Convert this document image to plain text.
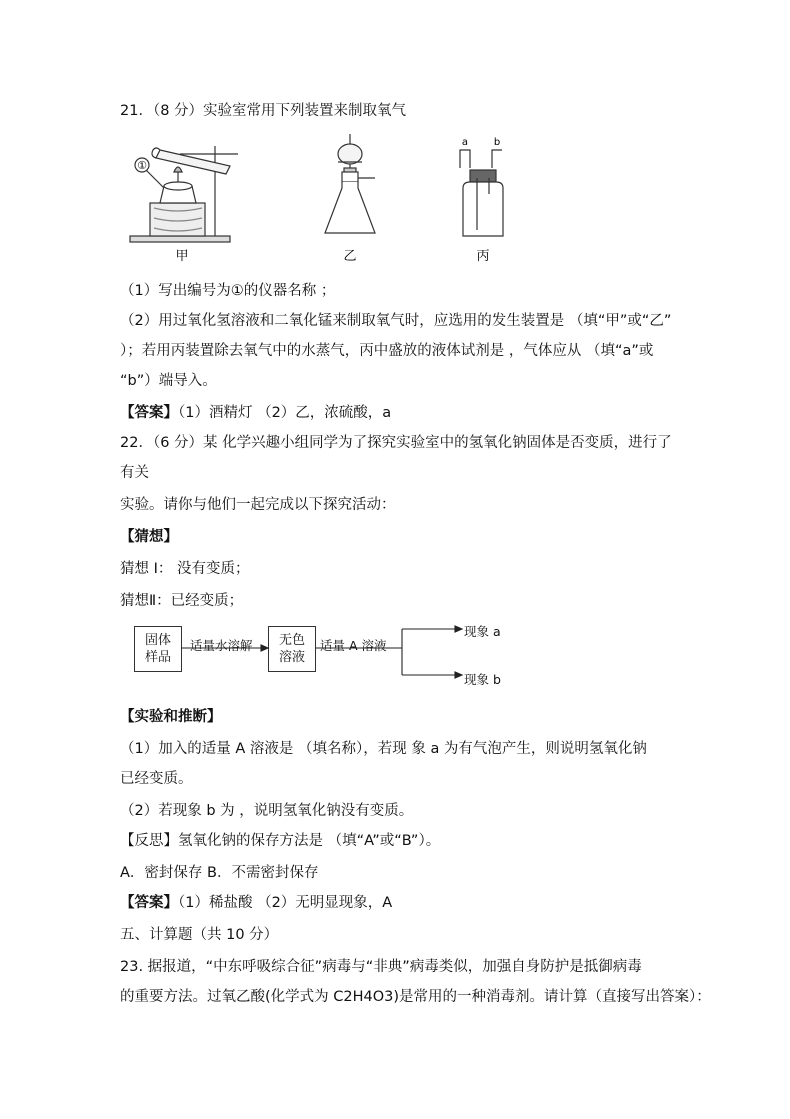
21．（8 分）实验室常用下列装置来制取氧气
①
甲	乙
a	b
丙
（1）写出编号为①的仪器名称 ；
（2）用过氧化氢溶液和二氧化锰来制取氧气时，应选用的发生装置是 （填“甲”或“乙”
）；若用丙装置除去氧气中的水蒸气，丙中盛放的液体试剂是 ，气体应从 （填“a”或
“b”）端导入。
【答案】（1）酒精灯 （2）乙，浓硫酸，a
22．（6 分）某 化学兴趣小组同学为了探究实验室中的氢氧化钠固体是否变质，进行了
有关
实验。请你与他们一起完成以下探究活动：
【猜想】
猜想 Ⅰ： 没有变质；
猜想Ⅱ：已经变质；
固体
样品
适量水溶解 无色
溶液
适量 A 溶液
现象 a
现象 b
【实验和推断】
（1）加入的适量 A 溶液是 （填名称），若现 象 a 为有气泡产生，则说明氢氧化钠
已经变质。
（2）若现象 b 为 ，说明氢氧化钠没有变质。
【反思】氢氧化钠的保存方法是 （填“A”或“B”）。
A．密封保存 B．不需密封保存
【答案】（1）稀盐酸 （2）无明显现象，A
五、计算题（共 10 分）
23. 据报道，“中东呼吸综合征”病毒与“非典”病毒类似，加强自身防护是抵御病毒
的重要方法。过氧乙酸(化学式为 C2H4O3)是常用的一种消毒剂。请计算（直接写出答案）：
